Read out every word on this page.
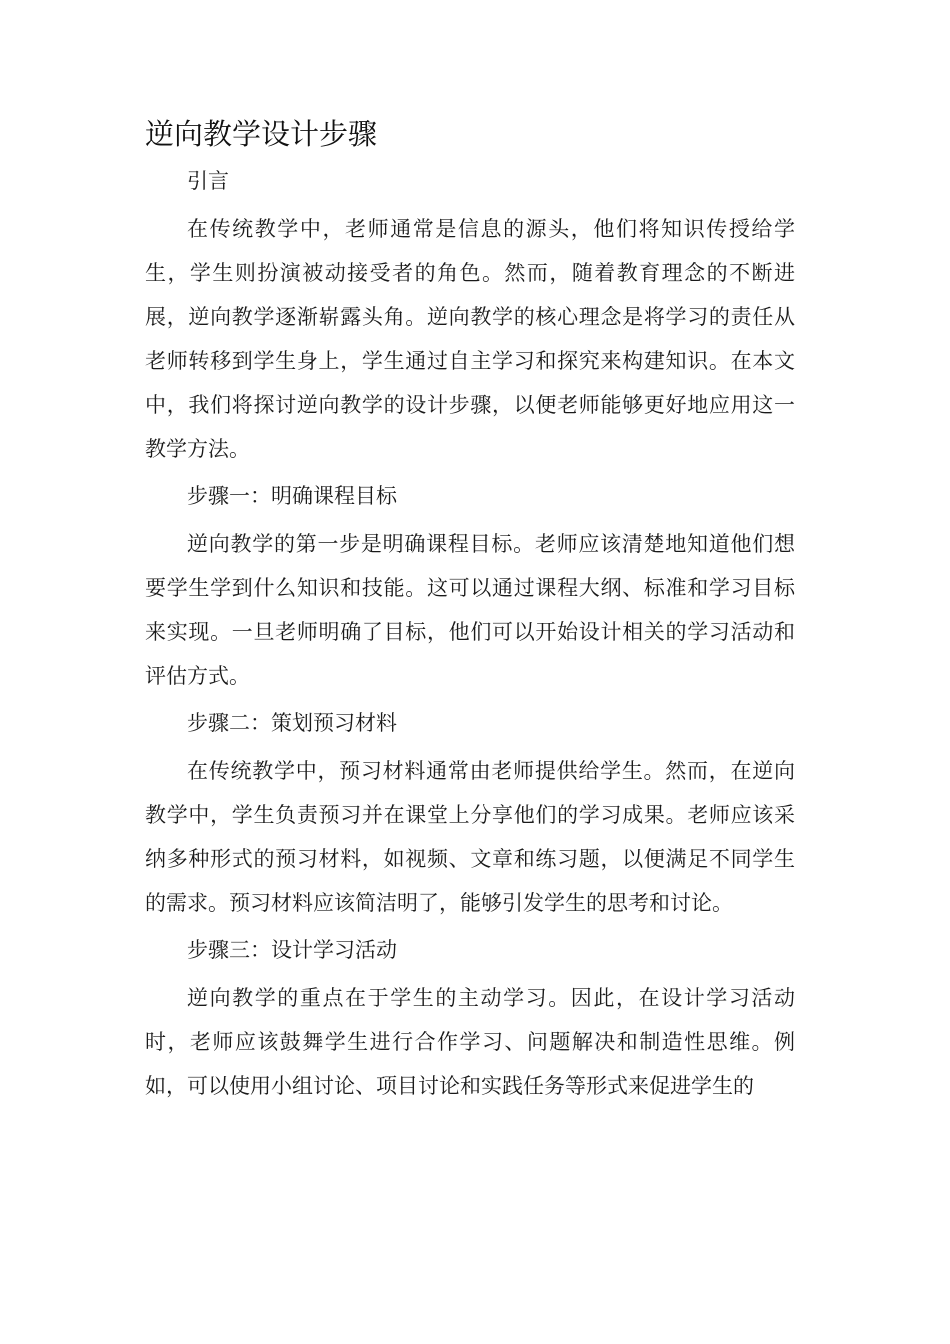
逆向教学设计步骤

引言

在传统教学中，老师通常是信息的源头，他们将知识传授给学生，学生则扮演被动接受者的角色。然而，随着教育理念的不断进展，逆向教学逐渐崭露头角。逆向教学的核心理念是将学习的责任从老师转移到学生身上，学生通过自主学习和探究来构建知识。在本文中，我们将探讨逆向教学的设计步骤，以便老师能够更好地应用这一教学方法。

步骤一：明确课程目标

逆向教学的第一步是明确课程目标。老师应该清楚地知道他们想要学生学到什么知识和技能。这可以通过课程大纲、标准和学习目标来实现。一旦老师明确了目标，他们可以开始设计相关的学习活动和评估方式。

步骤二：策划预习材料

在传统教学中，预习材料通常由老师提供给学生。然而，在逆向教学中，学生负责预习并在课堂上分享他们的学习成果。老师应该采纳多种形式的预习材料，如视频、文章和练习题，以便满足不同学生的需求。预习材料应该简洁明了，能够引发学生的思考和讨论。

步骤三：设计学习活动

逆向教学的重点在于学生的主动学习。因此，在设计学习活动时，老师应该鼓舞学生进行合作学习、问题解决和制造性思维。例如，可以使用小组讨论、项目讨论和实践任务等形式来促进学生的
